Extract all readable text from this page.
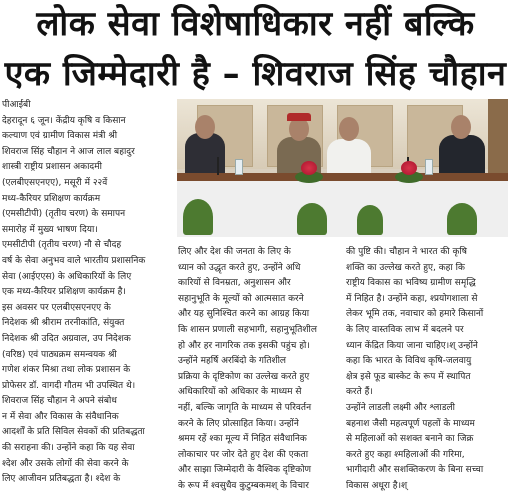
लोक सेवा विशेषाधिकार नहीं बल्कि
एक जिम्मेदारी है – शिवराज सिंह चौहान

पीआईबी

देहरादून ६ जून। केंद्रीय कृषि व किसान

कल्याण एवं ग्रामीण विकास मंत्री श्री

शिवराज सिंह चौहान ने आज लाल बहादुर

शास्त्री राष्ट्रीय प्रशासन अकादमी

(एलबीएसएनएए), मसूरी में २२वें

मध्य-कैरियर प्रशिक्षण कार्यक्रम

(एमसीटीपी) (तृतीय चरण) के समापन

समारोह में मुख्य भाषण दिया।

एमसीटीपी (तृतीय चरण) नौ से चौदह

वर्ष के सेवा अनुभव वाले भारतीय प्रशासनिक

सेवा (आईएएस) के अधिकारियों के लिए

एक मध्य-कैरियर प्रशिक्षण कार्यक्रम है।

इस अवसर पर एलबीएसएनएए के

निदेशक श्री श्रीराम तरनीकांति, संयुक्त

निदेशक श्री उदित अग्रवाल, उप निदेशक

(वरिष्ठ) एवं पाठ्यक्रम समन्वयक श्री

गणेश शंकर मिश्रा तथा लोक प्रशासन के

प्रोफेसर डॉ. वागदी गौतम भी उपस्थित थे।

शिवराज सिंह चौहान ने अपने संबोध

न में सेवा और विकास के संवैधानिक

आदर्शों के प्रति सिविल सेवकों की प्रतिबद्धता

की सराहना की। उन्होंने कहा कि यह सेवा

श्देश और उसके लोगों की सेवा करने के

लिए आजीवन प्रतिबद्धता है। श्देश के

लिए और देश की जनता के लिए के

ध्यान को उद्धृत करते हुए, उन्होंने अधि

कारियों से विनम्रता, अनुशासन और

सहानुभूति के मूल्यों को आत्मसात करने

और यह सुनिश्चित करने का आग्रह किया

कि शासन प्रणाली सहभागी, सहानुभूतिशील

हो और हर नागरिक तक इसकी पहुंच हो।

उन्होंने महर्षि अरबिंदो के गतिशील

प्रक्रिया के दृष्टिकोण का उल्लेख करते हुए

अधिकारियों को अधिकार के माध्यम से

नहीं, बल्कि जागृति के माध्यम से परिवर्तन

करने के लिए प्रोत्साहित किया। उन्होंने

श्रमम रहें श्का मूल्य में निहित संवैधानिक

लोकाचार पर जोर देते हुए देश की एकता

और साझा जिम्मेदारी के वैश्विक दृष्टिकोण

के रूप में श्वसुधैव कुटुम्बकमश् के विचार

की पुष्टि की। चौहान ने भारत की कृषि

शक्ति का उल्लेख करते हुए, कहा कि

राष्ट्रीय विकास का भविष्य ग्रामीण समृद्धि

में निहित है। उन्होंने कहा, श्प्रयोगशाला से

लेकर भूमि तक, नवाचार को हमारे किसानों

के लिए वास्तविक लाभ में बदलने पर

ध्यान केंद्रित किया जाना चाहिए।श् उन्होंने

कहा कि भारत के विविध कृषि-जलवायु

क्षेत्र इसे फूड बास्केट के रूप में स्थापित

करते हैं।

उन्होंने लाडली लक्ष्मी और श्लाडली

बहनाश जैसी महत्वपूर्ण पहलों के माध्यम

से महिलाओं को सशक्त बनाने का जिक्र

करते हुए कहा श्महिलाओं की गरिमा,

भागीदारी और सशक्तिकरण के बिना सच्चा

विकास अधूरा है।श्
